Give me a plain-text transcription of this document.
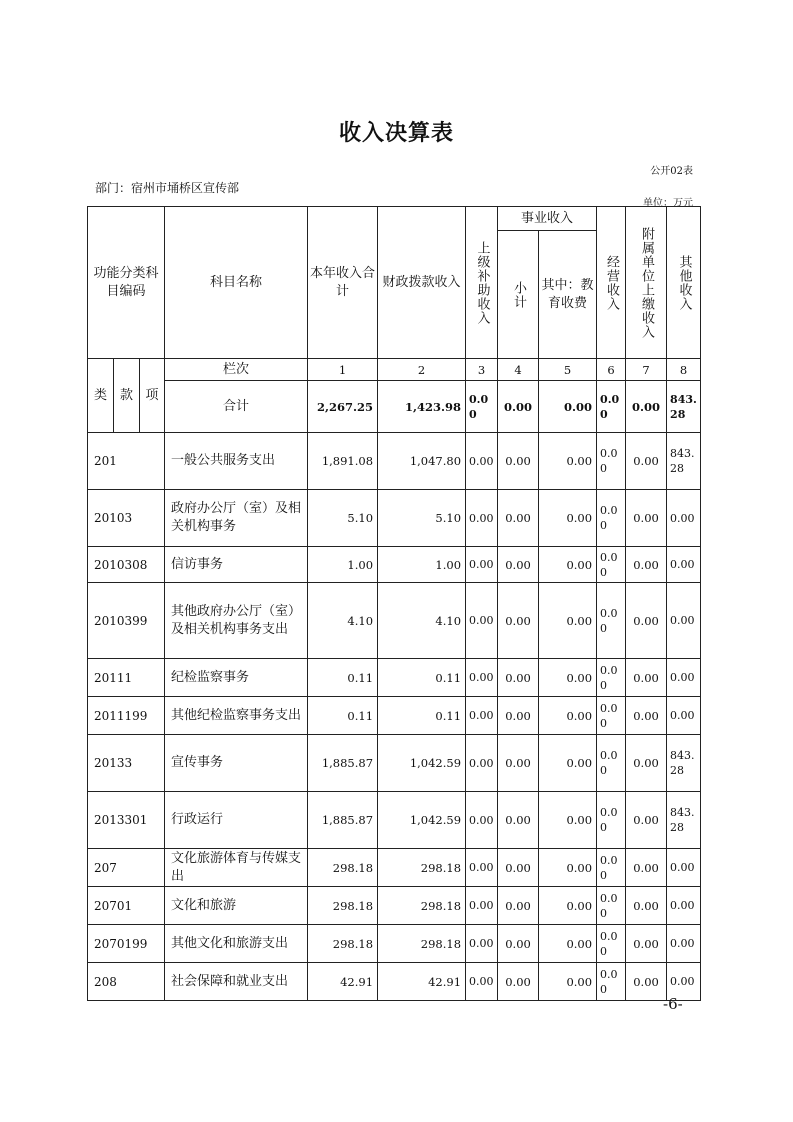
收入决算表
公开02表
部门：宿州市埇桥区宣传部
单位：万元
功能分类科目编码			科目名称	本年收入合计	财政拨款收入	上级补助收入	事业收入		经营收入	附属单位上缴收入	其他收入

							小计	其中：教育收费			
类	款	项	栏次	1	2	3	4	5	6	7	8
			合计	2,267.25	1,423.98	0.00	0.00	0.00	0.00	0.00	843.28
201			一般公共服务支出	1,891.08	1,047.80	0.00	0.00	0.00	0.00	0.00	843.28
20103			政府办公厅（室）及相关机构事务	5.10	5.10	0.00	0.00	0.00	0.00	0.00	0.00
2010308			信访事务	1.00	1.00	0.00	0.00	0.00	0.00	0.00	0.00
2010399			其他政府办公厅（室）及相关机构事务支出	4.10	4.10	0.00	0.00	0.00	0.00	0.00	0.00
20111			纪检监察事务	0.11	0.11	0.00	0.00	0.00	0.00	0.00	0.00
2011199			其他纪检监察事务支出	0.11	0.11	0.00	0.00	0.00	0.00	0.00	0.00
20133			宣传事务	1,885.87	1,042.59	0.00	0.00	0.00	0.00	0.00	843.28
2013301			行政运行	1,885.87	1,042.59	0.00	0.00	0.00	0.00	0.00	843.28
207			文化旅游体育与传媒支出	298.18	298.18	0.00	0.00	0.00	0.00	0.00	0.00
20701			文化和旅游	298.18	298.18	0.00	0.00	0.00	0.00	0.00	0.00
2070199			其他文化和旅游支出	298.18	298.18	0.00	0.00	0.00	0.00	0.00	0.00
208			社会保障和就业支出	42.91	42.91	0.00	0.00	0.00	0.00	0.00	0.00
-6-
